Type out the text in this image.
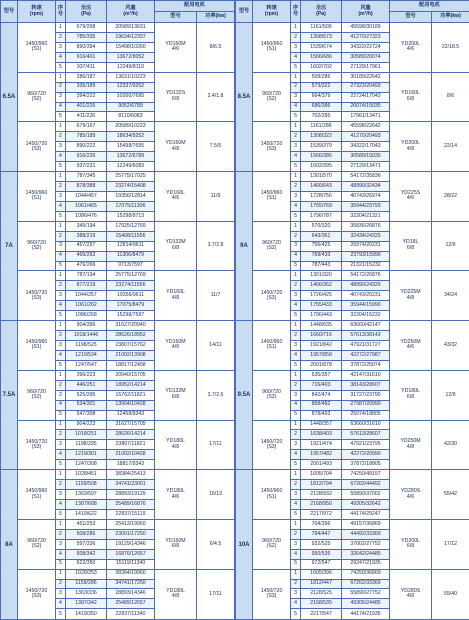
型号	转速
(rpm)	序
号	全压
(Pa)	风量
(m³/h)	配用电机	
					型号	功率(kw)
6.5A	1450/960
(S1)	1	679/298	20589/13631	YD160M
4/6	8/6.5
		2	785/335	19634/12337		
		3	890/394	15498/10260		
		4	916/401	13672/9052		
		5	937/411	12249/8110		
	960/720
(S2)	1	286/187	13631/10223	YD132S
6/8	2.4/1.8
		2	335/189	12337/9252		
		3	394/222	10260/7695		
		4	401/226	9052/6789		
		5	411/226	8110/6083		
	1450/720
(S3)	1	679/167	20589/10223	YD160M
4/8	7.5/5
		2	785/189	18634/9252		
		3	890/222	15498/7695		
		4	916/226	13672/6789		
		5	937/231	12249/6083		
7A	1450/960
(S1)	1	787/345	25775/17025	YD160L
4/6	11/9
		2	878/388	23274/15408		
		3	1044/457	19356/12814		
		4	1061/465	17075/11306		
		5	1086/476	15298/9713		
	960/720
(S2)	1	345/194	17025/12769	YD132M
6/8	3.7/2.8
		2	388/219	15408/11556		
		3	457/257	12814/9611		
		4	465/262	11306/8479		
		5	476/266	9713/7597		
	1450/720
(S3)	1	787/194	25775/12769	YD160L
4/8	11/7
		2	877/219	23274/11556		
		3	1044/257	19356/9611		
		4	1061/262	17075/8479		
		5	1086/268	15298/7597		
7.5A	1450/960
(S1)	1	904/396	31627/20940	YD160M
4/6	14/11
		2	1018/1446	28626/18952		
		3	1198/525	23807/15762		
		4	1219/534	21002/13908		
		5	1247/547	18817/12458		
	960/720
(S2)	1	396/223	20940/15705	YD132M
6/8	3.7/2.6
		2	446/251	18952/14214		
		3	525/295	15762/11821		
		4	534/301	13904/10428		
		5	547/308	12458/9343		
	1450/720
(S3)	1	904/223	31627/15705	YD180L
4/8	17/11
		2	1018/251	28626/14214		
		3	1198/295	23807/11821		
		4	1219/301	21002/10428		
		5	1247/308	18817/9343		
8A	1450/960
(S1)	1	1028/451	38384/25413	YD180L
4/6	16/13
		2	1159/508	34741/23001		
		3	1363/597	28893/19129		
		4	1387/608	25489/16876		
		5	1419/622	22837/15119		
	960/720
(S2)	1	451/253	25413/19060	YD160M
6/8	6/4.5
		2	508/286	23001/17250		
		3	597/336	19129/14346		
		4	608/342	16876/12657		
		5	622/350	15119/11340		
	1450/720
(S3)	1	1028/253	38384/19060	YD180L
4/8	17/11
		2	1159/286	34741/17250		
		3	1363/336	28893/14346		
		4	1387/342	25489/12657		
		5	1419/350	22837/11340		
型号	转速
(rpm)	序
号	全压
(Pa)	风量
(m³/h)	配用电机	
					型号	功率(kw)
8.5A	1450/960
(S1)	1	1161/509	45598/30189	YD200L
4/6	22/18.5
		2	1308/573	41270/27323		
		3	1539/674	34322/22724		
		4	1566/686	30589/20074		
		5	1602/702	27129/17961		
	960/720
(S2)	1	509/286	30189/22642	YD160L
6/8	8/6
		2	573/322	27323/20493		
		3	664/379	22724/17043		
		4	686/386	20074/15035		
		5	702/395	17961/13471		
	1450/720
(S3)	1	1161/286	45598/22642	YD200L
4/8	22/14
		2	1308/322	41270/20493		
		3	1539/379	34322/17043		
		4	1566/386	30589/15035		
		5	1602/395	27129/13471		
9A	1450/960
(S1)	1	1301/570	54172/35836	YD225S
4/6	28/22
		2	1466/643	48990/32434		
		3	1728/756	40743/26974		
		4	1755/769	35944/23793		
		5	1796/787	32204/21321		
	960/720
(S2)	1	570/320	35836/26876	YD18L
6/8	12/9
		2	643/361	32434/24325		
		3	756/425	26974/20231		
		4	769/433	23793/15990		
		5	787/443	21321/15232		
	1450/720
(S3)	1	1301/320	54172/26876	YD225M
4/8	34/24
		2	1466/362	48990/24326		
		3	1726/425	40743/20231		
		4	1755/433	35944/15990		
		5	1796/443	32204/15232		
9.5A	1450/960
(S1)	1	1448/635	63660/42147	YD250M
4/6	43/32
		2	1660/716	57613/38143		
		3	1921/842	47921/31727		
		4	1957/858	42272/27987		
		5	2001/878	37872/25074		
	960/720
(S2)	1	635/357	42147/31610	YD180L
6/8	12/9
		2	716/403	38143/28607		
		3	842/474	31727/23795		
		4	858/482	27987/20990		
		5	878/493	25074/18805		
	1450/720
(S3)	1	1448/357	63660/31610	YD250M
4/8	42/30
		2	1638/403	57613/28607		
		3	1921/474	47921/23795		
		4	1957/482	42272/20990		
		5	2001/493	37872/18805		
10A	1450/960
(S1)	1	1605/704	74250/49157	YD280S
4/6	55/42
		2	1812/794	67202/44492		
		3	2128/932	55890/37002		
		4	2168/950	49305/32642		
		5	2217/972	44174/29247		
	960/720
(S2)	1	704/396	49157/36869	YD200L
6/8	17/12
		2	794/447	44492/33369		
		3	932/525	37002/27752		
		4	950/535	32642/24485		
		5	972/547	29247/21935		
	1450/720
(S3)	1	1605/396	74250/36869	YD280S
4/8	55/40
		2	1812/447	67202/33369		
		3	2128/525	55890/27752		
		4	2168/535	49305/24485		
		5	2217/547	44174/21935		
